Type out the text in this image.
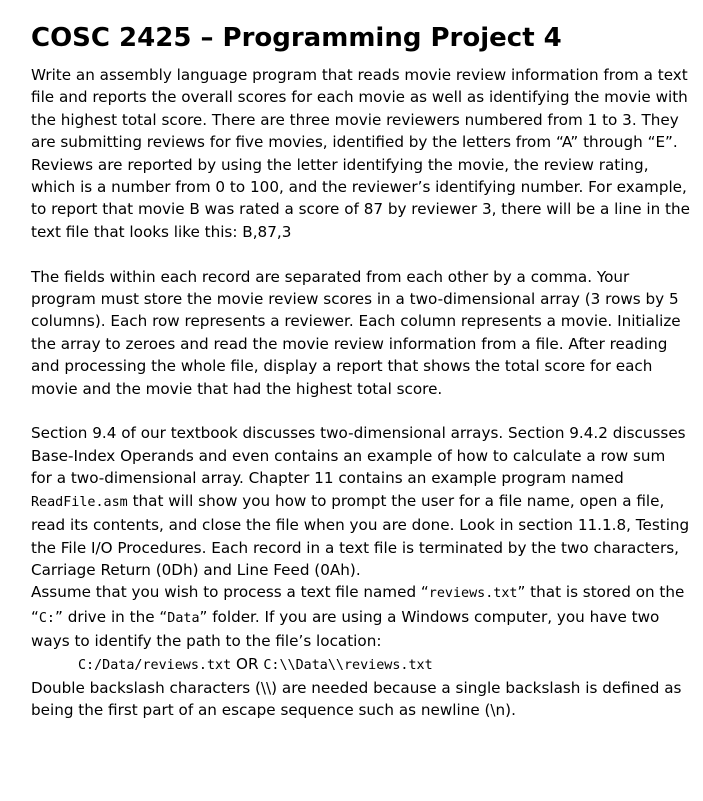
COSC 2425 – Programming Project 4

Write an assembly language program that reads movie review information from a text file and reports the overall scores for each movie as well as identifying the movie with the highest total score. There are three movie reviewers numbered from 1 to 3. They are submitting reviews for five movies, identified by the letters from “A” through “E”. Reviews are reported by using the letter identifying the movie, the review rating, which is a number from 0 to 100, and the reviewer’s identifying number. For example, to report that movie B was rated a score of 87 by reviewer 3, there will be a line in the text file that looks like this: B,87,3

The fields within each record are separated from each other by a comma. Your program must store the movie review scores in a two-dimensional array (3 rows by 5 columns). Each row represents a reviewer. Each column represents a movie. Initialize the array to zeroes and read the movie review information from a file. After reading and processing the whole file, display a report that shows the total score for each movie and the movie that had the highest total score.

Section 9.4 of our textbook discusses two-dimensional arrays. Section 9.4.2 discusses Base-Index Operands and even contains an example of how to calculate a row sum for a two-dimensional array. Chapter 11 contains an example program named ReadFile.asm that will show you how to prompt the user for a file name, open a file, read its contents, and close the file when you are done. Look in section 11.1.8, Testing the File I/O Procedures. Each record in a text file is terminated by the two characters, Carriage Return (0Dh) and Line Feed (0Ah).

Assume that you wish to process a text file named “reviews.txt” that is stored on the “C:” drive in the “Data” folder. If you are using a Windows computer, you have two ways to identify the path to the file’s location:

C:/Data/reviews.txt OR C:\\Data\\reviews.txt

Double backslash characters (\\) are needed because a single backslash is defined as being the first part of an escape sequence such as newline (\n).
